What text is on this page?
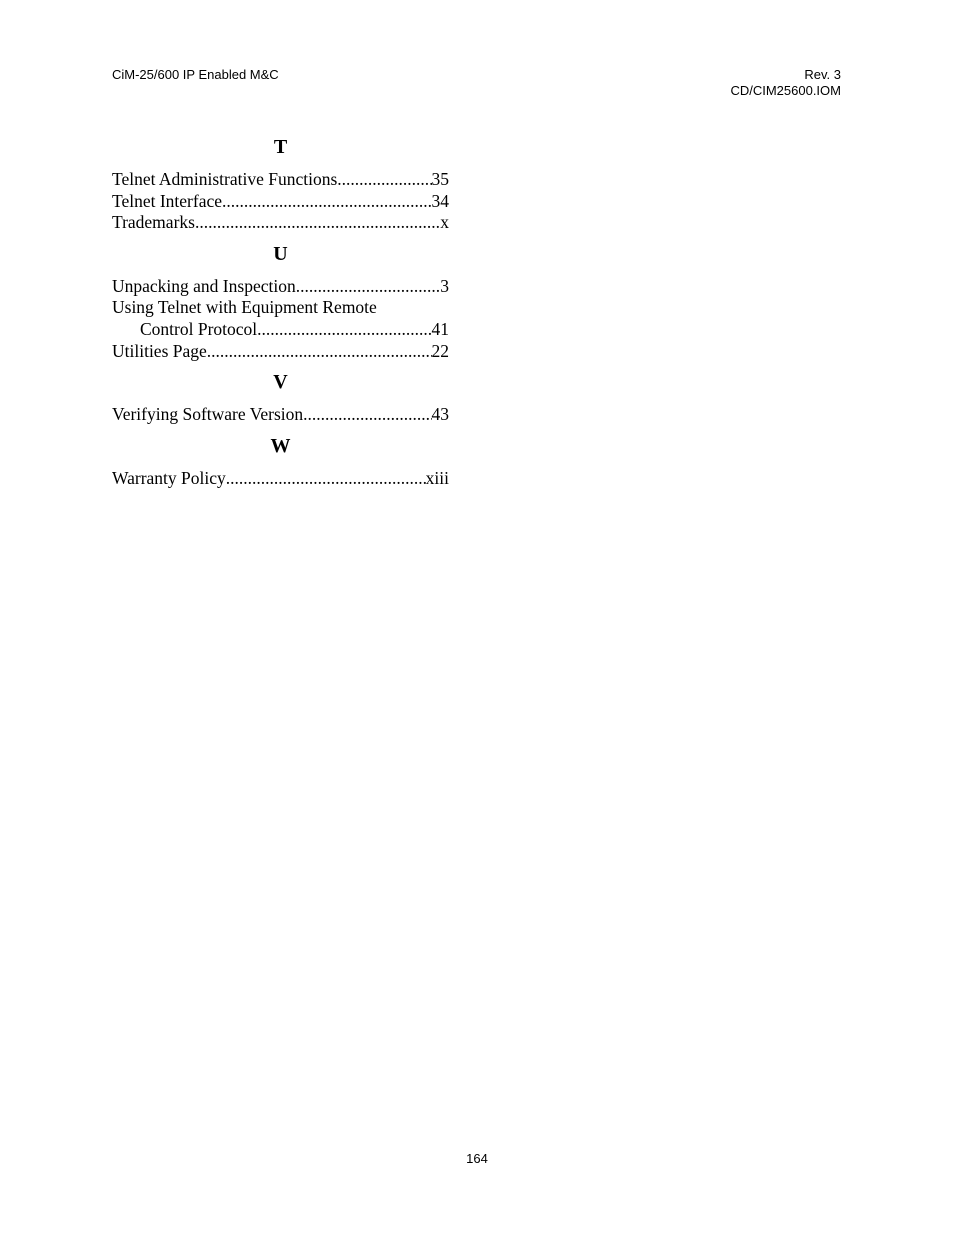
CiM-25/600 IP Enabled M&C	Rev. 3
CD/CIM25600.IOM
T
Telnet Administrative Functions .....	35
Telnet Interface .....	34
Trademarks .....	x
U
Unpacking and Inspection .....	3
Using Telnet with Equipment Remote
Control Protocol .....	41
Utilities Page .....	22
V
Verifying Software Version .....	43
W
Warranty Policy .....	xiii
164
